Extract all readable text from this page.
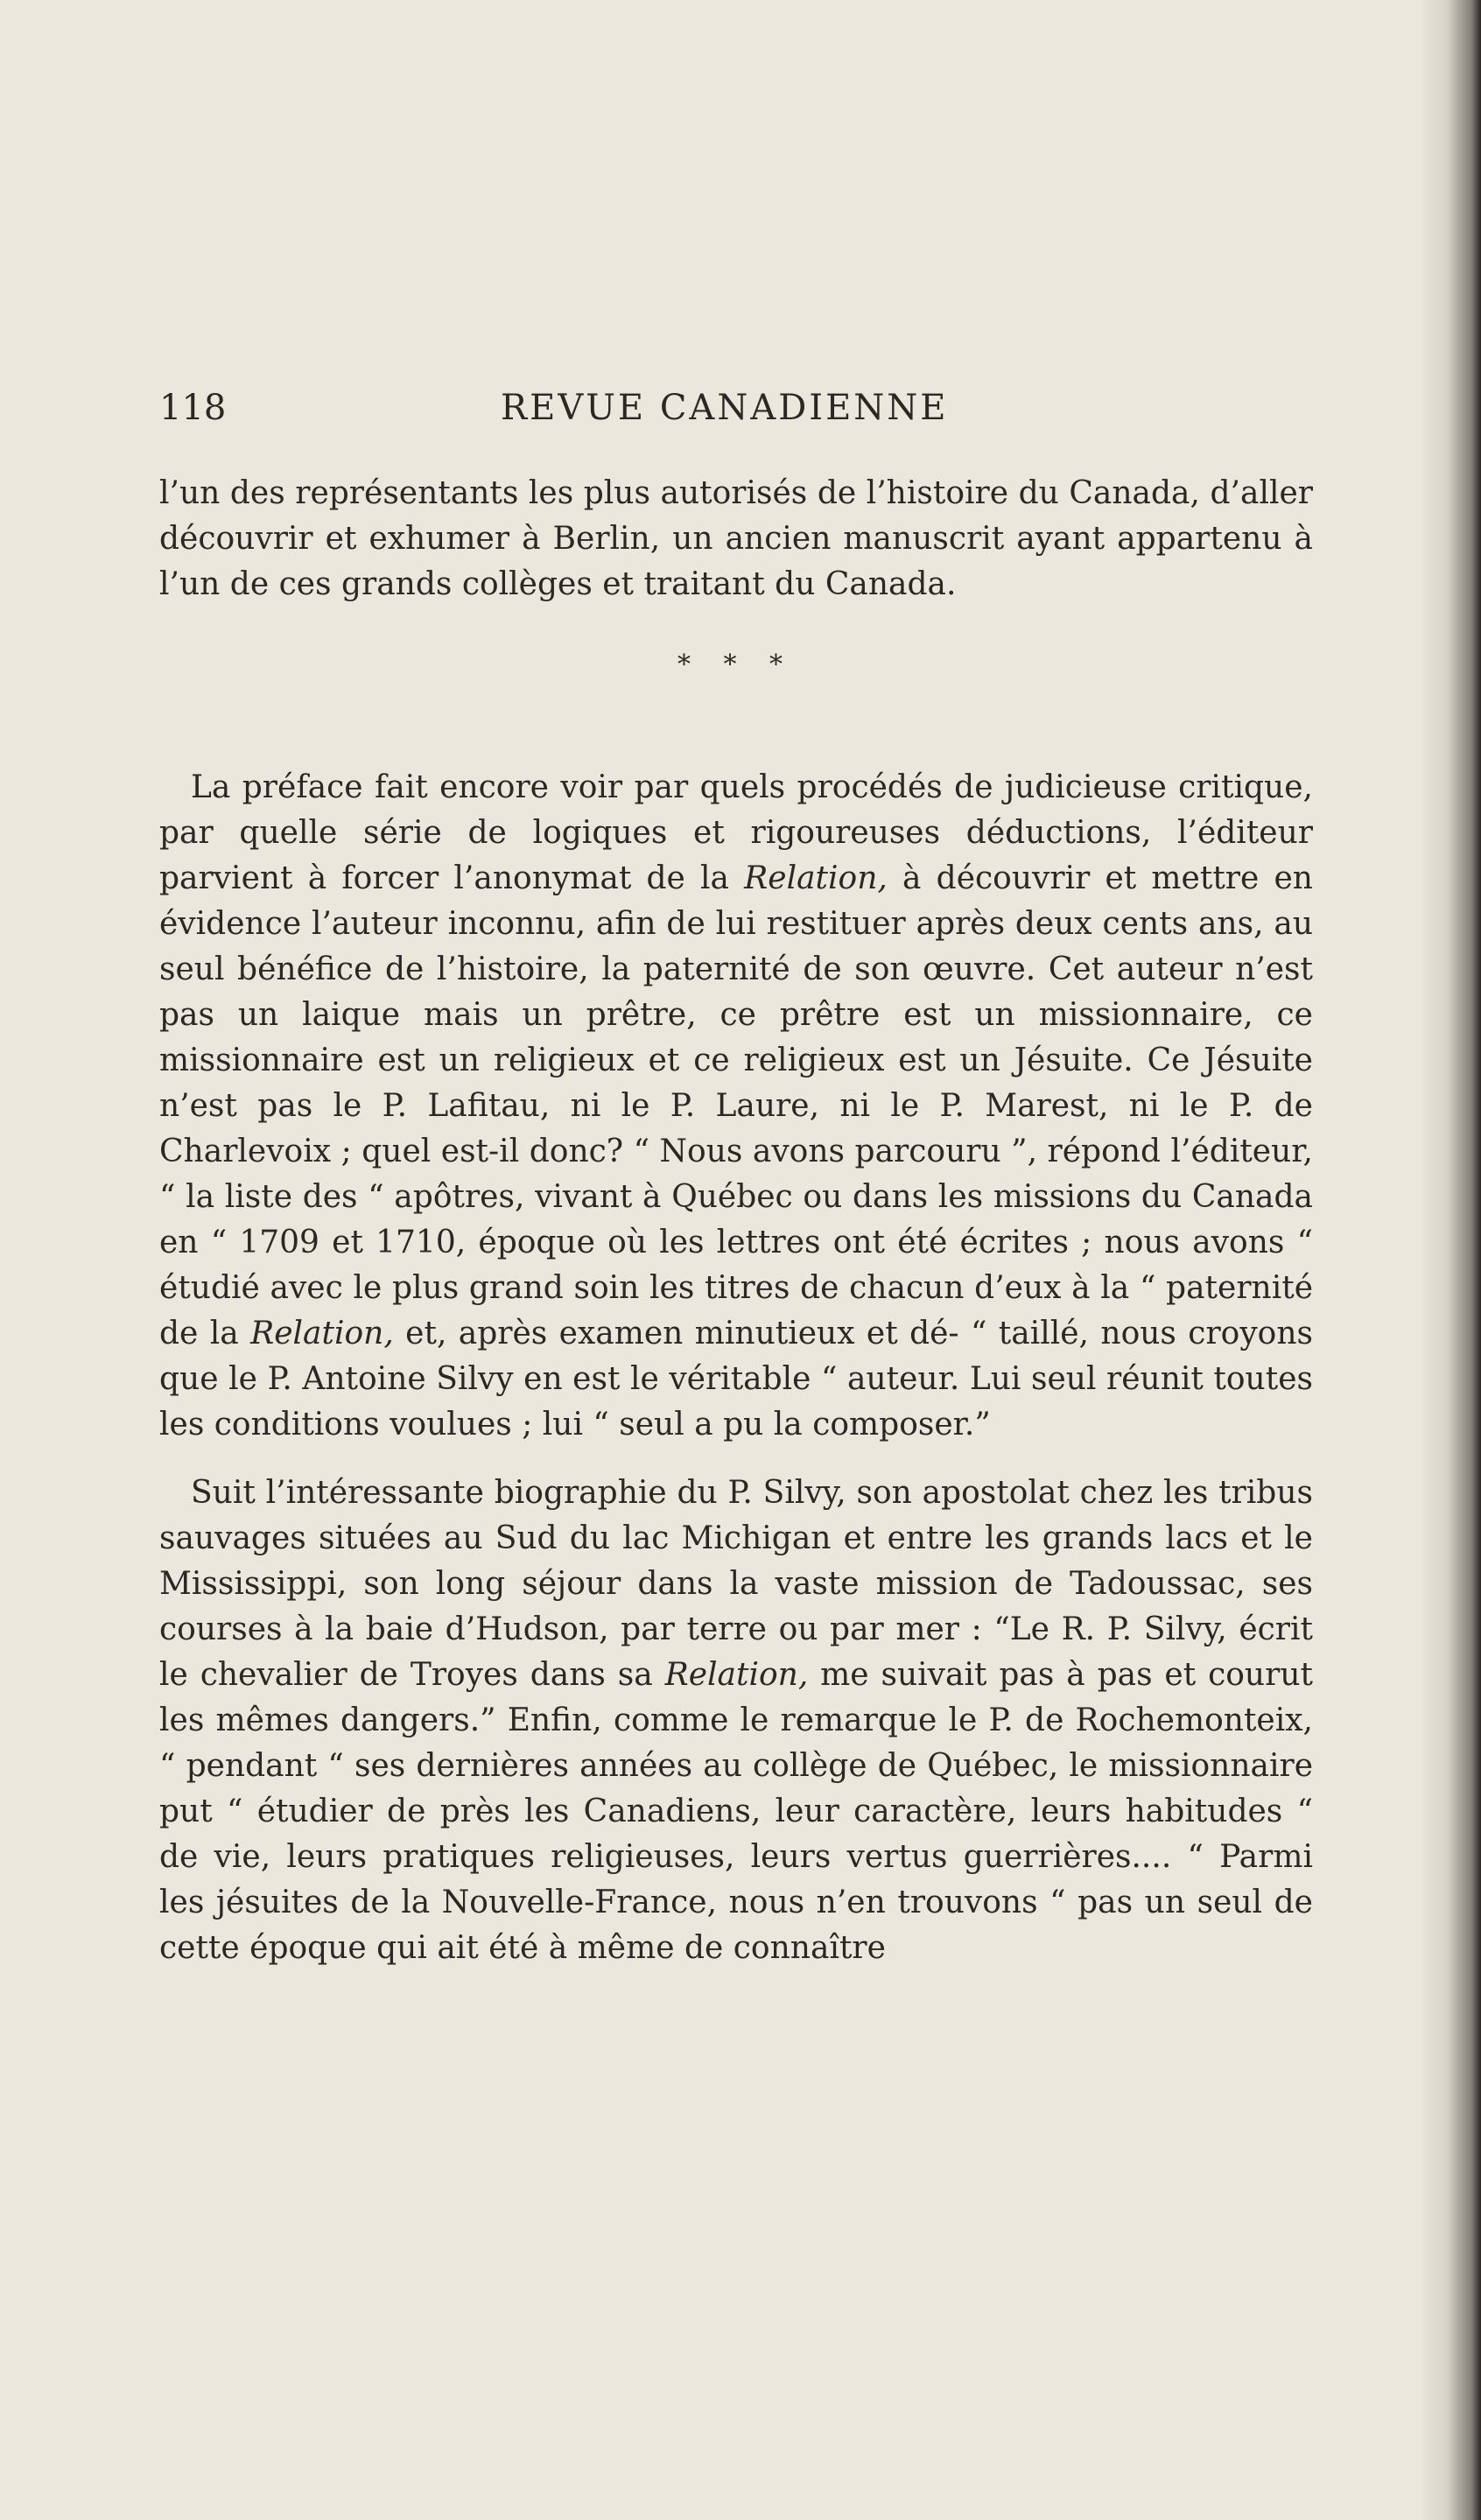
118	REVUE CANADIENNE

l’un des représentants les plus autorisés de l’histoire du Canada, d’aller découvrir et exhumer à Berlin, un ancien manuscrit ayant appartenu à l’un de ces grands collèges et traitant du Canada.

* * *

La préface fait encore voir par quels procédés de judicieuse critique, par quelle série de logiques et rigoureuses déductions, l’éditeur parvient à forcer l’anonymat de la Relation, à découvrir et mettre en évidence l’auteur inconnu, afin de lui restituer après deux cents ans, au seul bénéfice de l’histoire, la paternité de son œuvre. Cet auteur n’est pas un laique mais un prêtre, ce prêtre est un missionnaire, ce missionnaire est un religieux et ce religieux est un Jésuite. Ce Jésuite n’est pas le P. Lafitau, ni le P. Laure, ni le P. Marest, ni le P. de Charlevoix ; quel est-il donc? “ Nous avons parcouru ”, répond l’éditeur, “ la liste des “ apôtres, vivant à Québec ou dans les missions du Canada en “ 1709 et 1710, époque où les lettres ont été écrites ; nous avons “ étudié avec le plus grand soin les titres de chacun d’eux à la “ paternité de la Relation, et, après examen minutieux et dé- “ taillé, nous croyons que le P. Antoine Silvy en est le véritable “ auteur. Lui seul réunit toutes les conditions voulues ; lui “ seul a pu la composer.”

Suit l’intéressante biographie du P. Silvy, son apostolat chez les tribus sauvages situées au Sud du lac Michigan et entre les grands lacs et le Mississippi, son long séjour dans la vaste mission de Tadoussac, ses courses à la baie d’Hudson, par terre ou par mer : “Le R. P. Silvy, écrit le chevalier de Troyes dans sa Relation, me suivait pas à pas et courut les mêmes dangers.” Enfin, comme le remarque le P. de Rochemonteix, “ pendant “ ses dernières années au collège de Québec, le missionnaire put “ étudier de près les Canadiens, leur caractère, leurs habitudes “ de vie, leurs pratiques religieuses, leurs vertus guerrières.... “ Parmi les jésuites de la Nouvelle-France, nous n’en trouvons “ pas un seul de cette époque qui ait été à même de connaître
